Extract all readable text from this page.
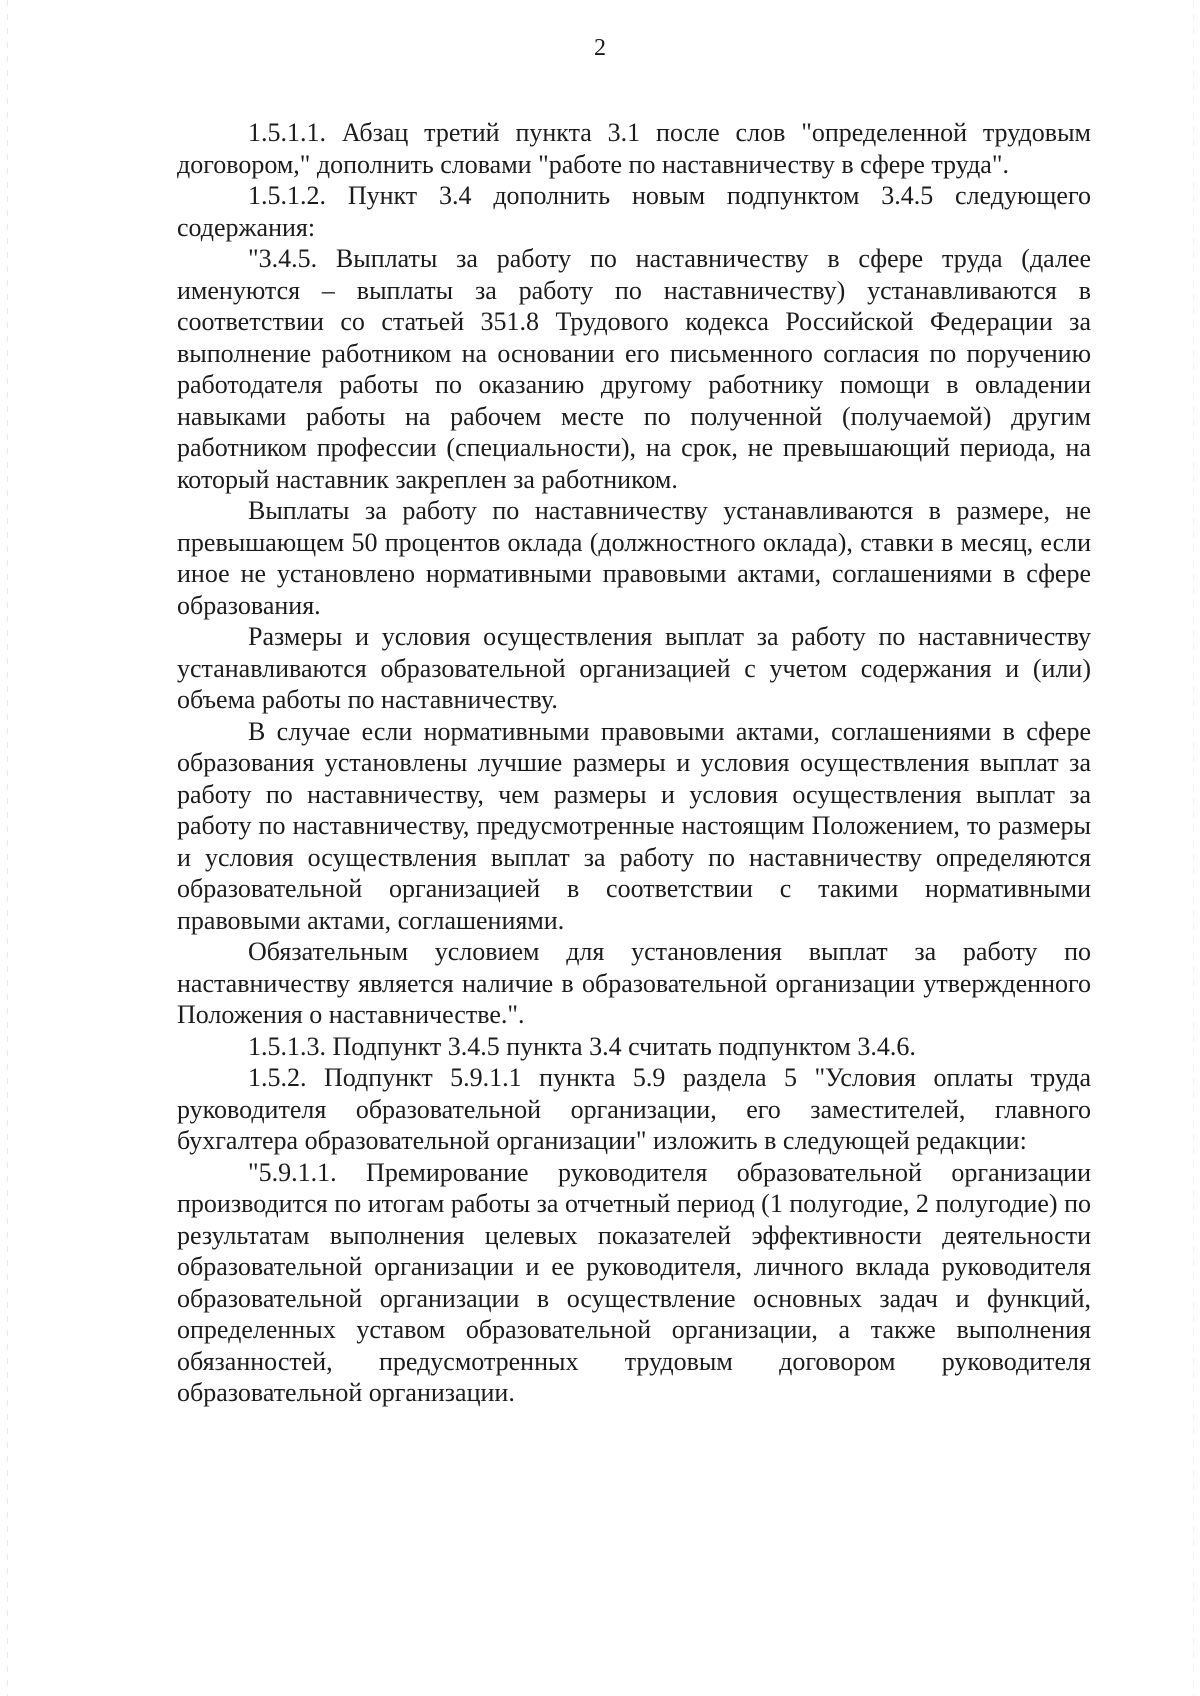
2

1.5.1.1. Абзац третий пункта 3.1 после слов "определенной трудовым договором," дополнить словами "работе по наставничеству в сфере труда".

1.5.1.2. Пункт 3.4 дополнить новым подпунктом 3.4.5 следующего содержания:

"3.4.5. Выплаты за работу по наставничеству в сфере труда (далее именуются – выплаты за работу по наставничеству) устанавливаются в соответствии со статьей 351.8 Трудового кодекса Российской Федерации за выполнение работником на основании его письменного согласия по поручению работодателя работы по оказанию другому работнику помощи в овладении навыками работы на рабочем месте по полученной (получаемой) другим работником профессии (специальности), на срок, не превышающий периода, на который наставник закреплен за работником.

Выплаты за работу по наставничеству устанавливаются в размере, не превышающем 50 процентов оклада (должностного оклада), ставки в месяц, если иное не установлено нормативными правовыми актами, соглашениями в сфере образования.

Размеры и условия осуществления выплат за работу по наставничеству устанавливаются образовательной организацией с учетом содержания и (или) объема работы по наставничеству.

В случае если нормативными правовыми актами, соглашениями в сфере образования установлены лучшие размеры и условия осуществления выплат за работу по наставничеству, чем размеры и условия осуществления выплат за работу по наставничеству, предусмотренные настоящим Положением, то размеры и условия осуществления выплат за работу по наставничеству определяются образовательной организацией в соответствии с такими нормативными правовыми актами, соглашениями.

Обязательным условием для установления выплат за работу по наставничеству является наличие в образовательной организации утвержденного Положения о наставничестве.".

1.5.1.3. Подпункт 3.4.5 пункта 3.4 считать подпунктом 3.4.6.

1.5.2. Подпункт 5.9.1.1 пункта 5.9 раздела 5 "Условия оплаты труда руководителя образовательной организации, его заместителей, главного бухгалтера образовательной организации" изложить в следующей редакции:

"5.9.1.1. Премирование руководителя образовательной организации производится по итогам работы за отчетный период (1 полугодие, 2 полугодие) по результатам выполнения целевых показателей эффективности деятельности образовательной организации и ее руководителя, личного вклада руководителя образовательной организации в осуществление основных задач и функций, определенных уставом образовательной организации, а также выполнения обязанностей, предусмотренных трудовым договором руководителя образовательной организации.
